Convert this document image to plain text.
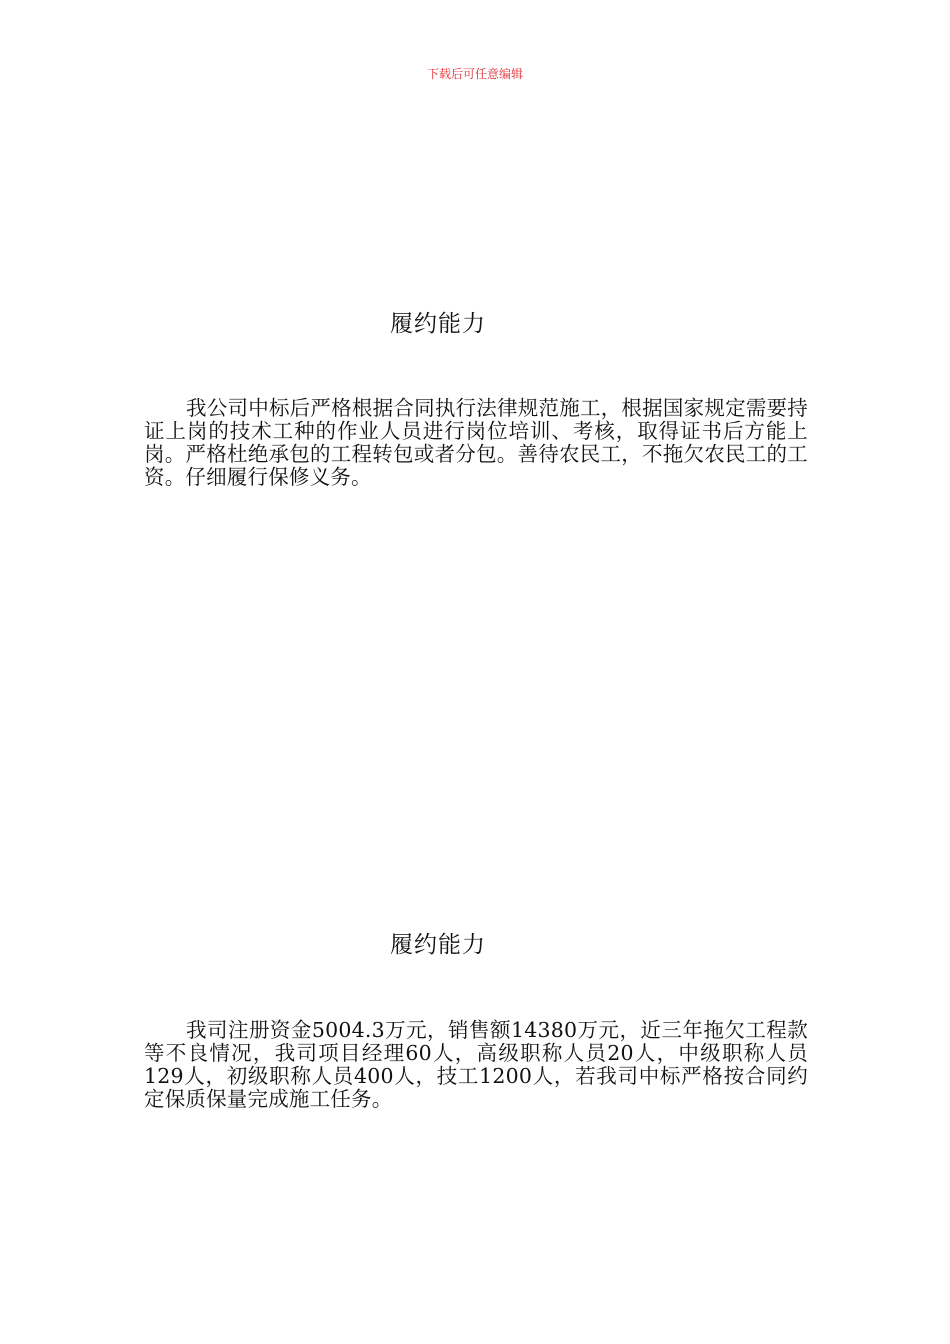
下载后可任意编辑
履约能力

我公司中标后严格根据合同执行法律规范施工，根据国家规定需要持证上岗的技术工种的作业人员进行岗位培训、考核，取得证书后方能上岗。严格杜绝承包的工程转包或者分包。善待农民工，不拖欠农民工的工资。仔细履行保修义务。

履约能力

我司注册资金5004.3万元，销售额14380万元，近三年拖欠工程款等不良情况，我司项目经理60人，高级职称人员20人，中级职称人员129人，初级职称人员400人，技工1200人，若我司中标严格按合同约定保质保量完成施工任务。
